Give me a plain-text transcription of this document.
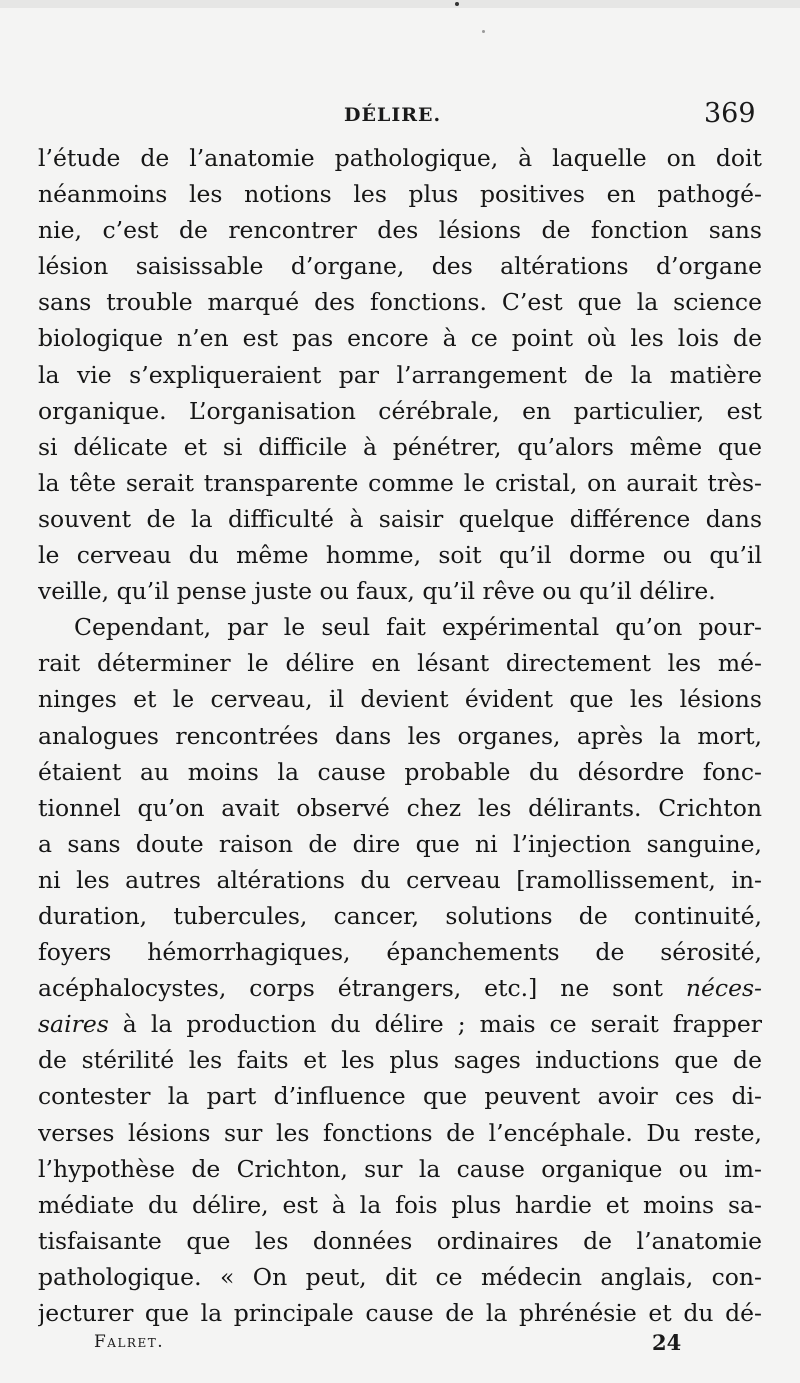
DÉLIRE.	369
l’étude de l’anatomie pathologique, à laquelle on doit
néanmoins les notions les plus positives en pathogé-
nie, c’est de rencontrer des lésions de fonction sans
lésion saisissable d’organe, des altérations d’organe
sans trouble marqué des fonctions. C’est que la science
biologique n’en est pas encore à ce point où les lois de
la vie s’expliqueraient par l’arrangement de la matière
organique. L’organisation cérébrale, en particulier, est
si délicate et si difficile à pénétrer, qu’alors même que
la tête serait transparente comme le cristal, on aurait très-
souvent de la difficulté à saisir quelque différence dans
le cerveau du même homme, soit qu’il dorme ou qu’il
veille, qu’il pense juste ou faux, qu’il rêve ou qu’il délire.
Cependant, par le seul fait expérimental qu’on pour-
rait déterminer le délire en lésant directement les mé-
ninges et le cerveau, il devient évident que les lésions
analogues rencontrées dans les organes, après la mort,
étaient au moins la cause probable du désordre fonc-
tionnel qu’on avait observé chez les délirants. Crichton
a sans doute raison de dire que ni l’injection sanguine,
ni les autres altérations du cerveau [ramollissement, in-
duration, tubercules, cancer, solutions de continuité,
foyers hémorrhagiques, épanchements de sérosité,
acéphalocystes, corps étrangers, etc.] ne sont néces-
saires à la production du délire ; mais ce serait frapper
de stérilité les faits et les plus sages inductions que de
contester la part d’influence que peuvent avoir ces di-
verses lésions sur les fonctions de l’encéphale. Du reste,
l’hypothèse de Crichton, sur la cause organique ou im-
médiate du délire, est à la fois plus hardie et moins sa-
tisfaisante que les données ordinaires de l’anatomie
pathologique. « On peut, dit ce médecin anglais, con-
jecturer que la principale cause de la phrénésie et du dé-
Falret.	24
